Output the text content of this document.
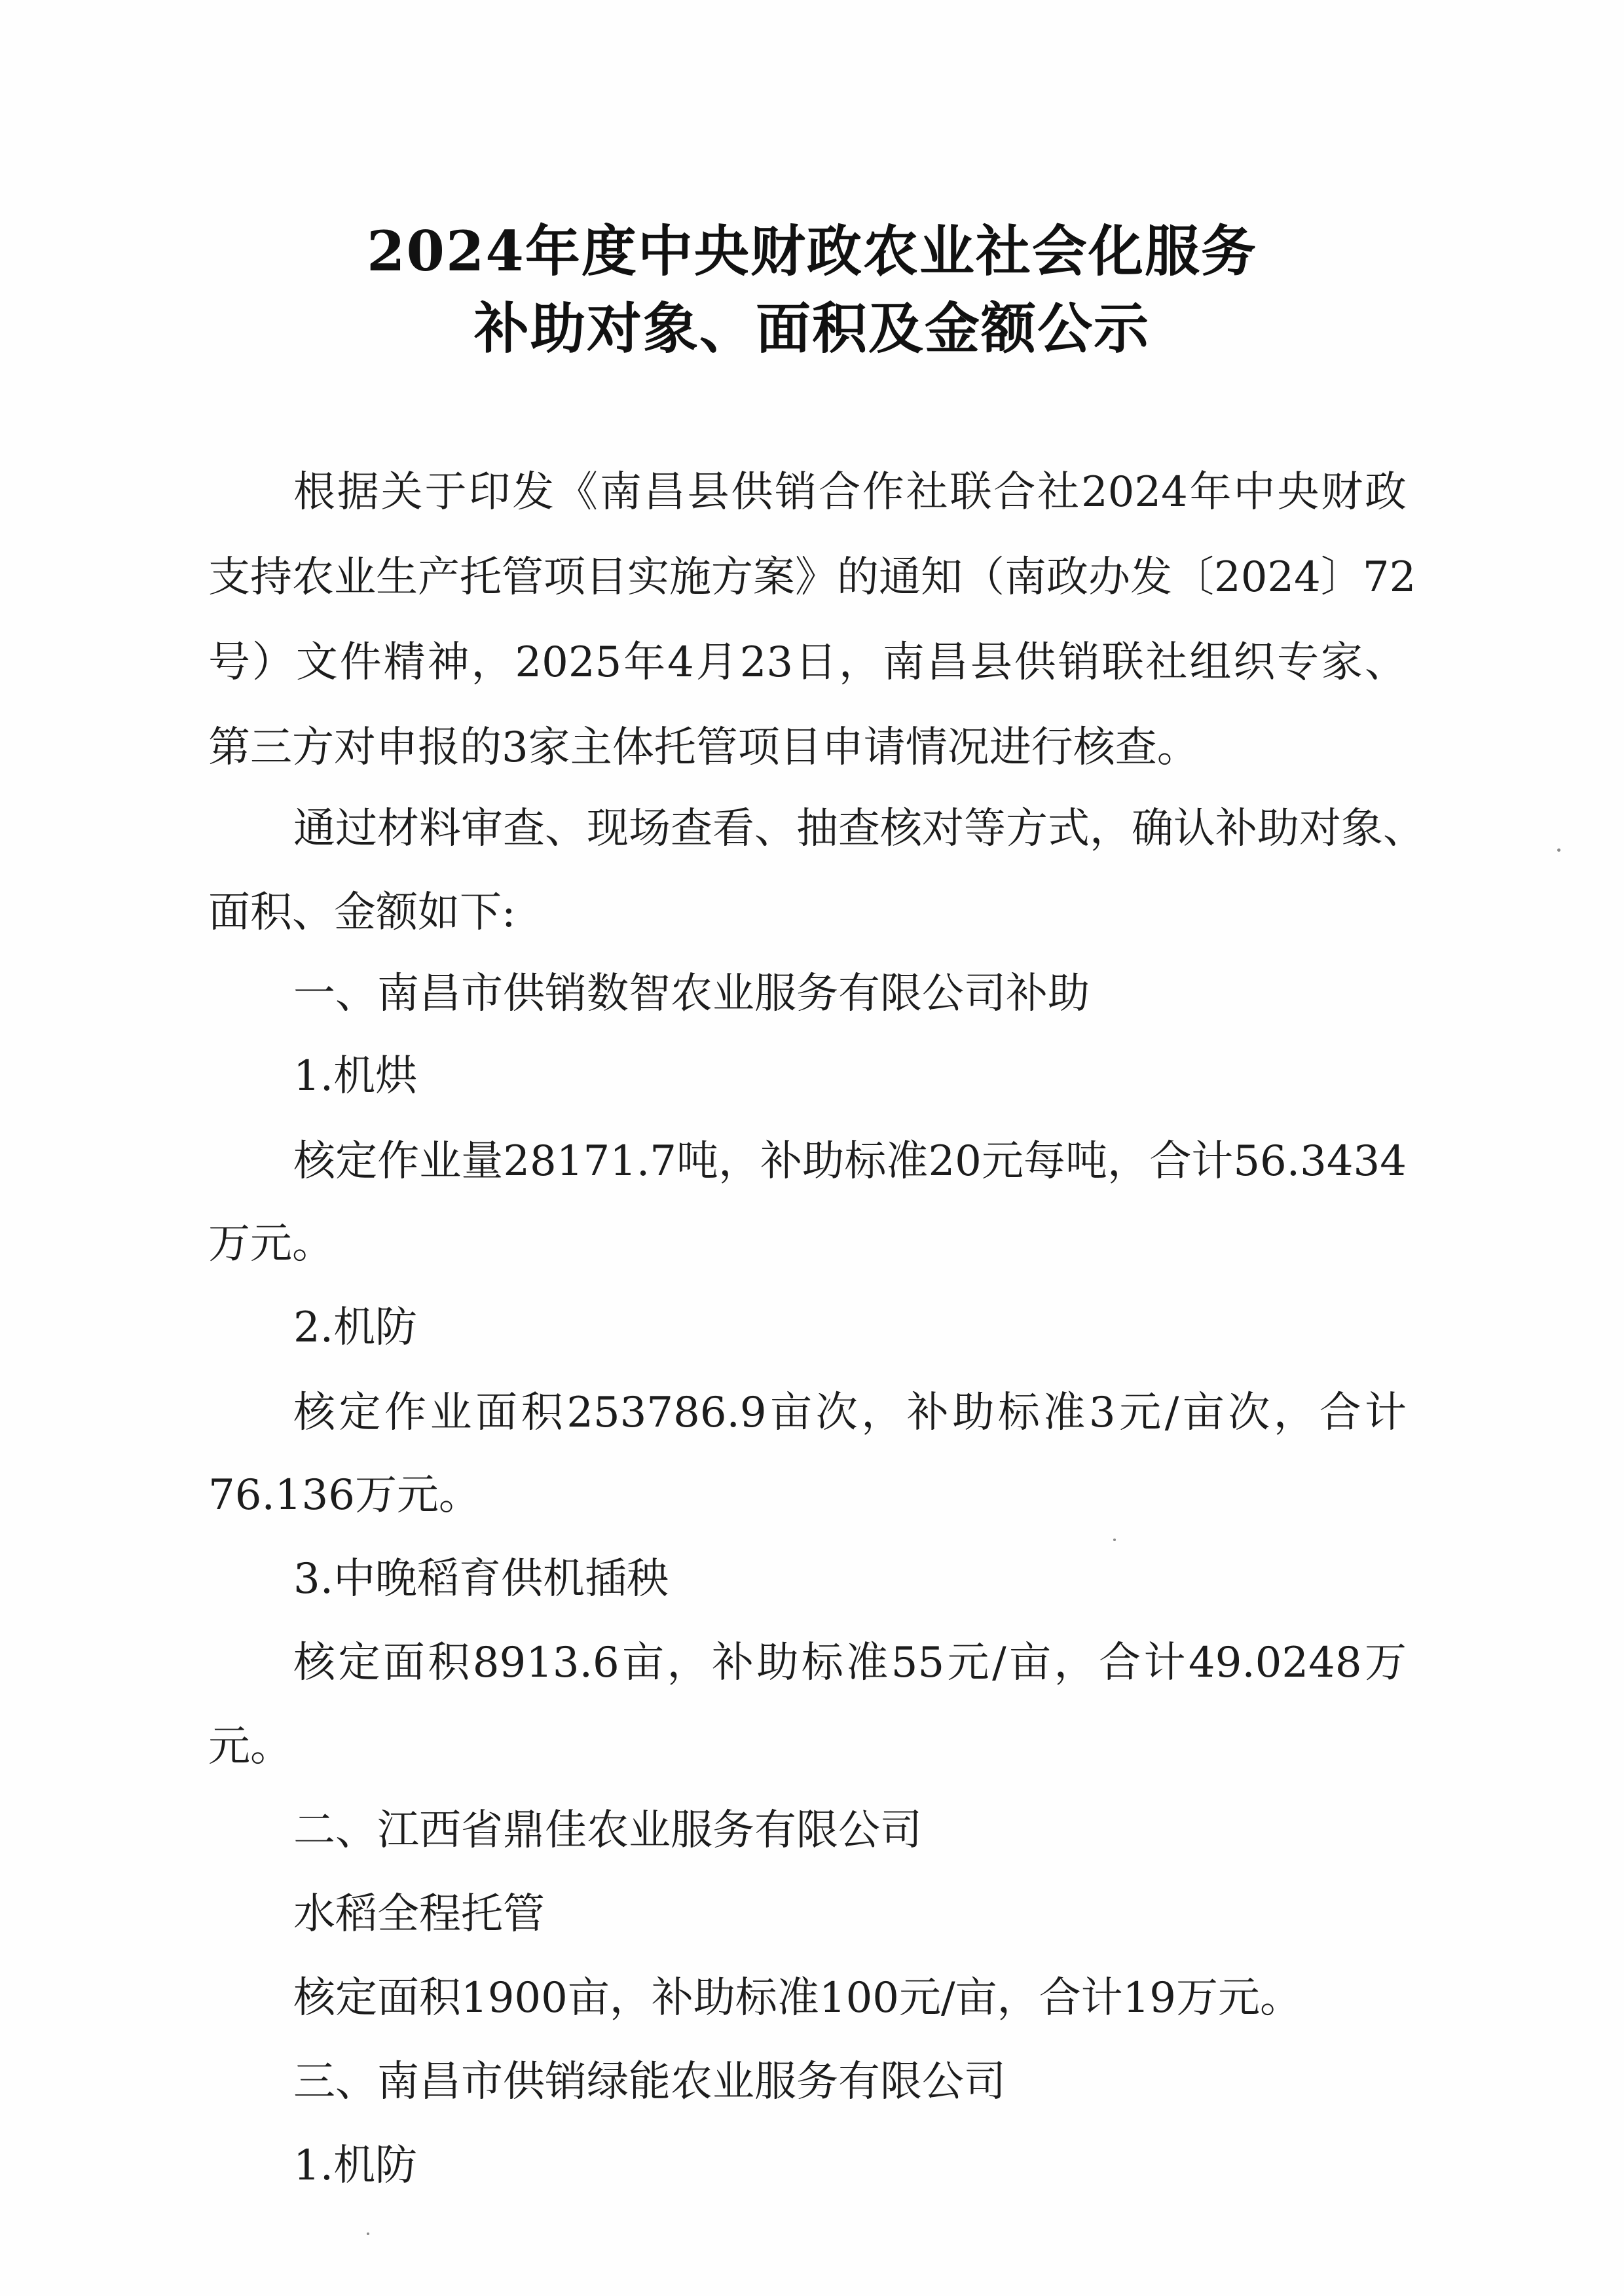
2024年度中央财政农业社会化服务
补助对象、面积及金额公示
根据关于印发《南昌县供销合作社联合社2024年中央财政
支持农业生产托管项目实施方案》的通知（南政办发〔2024〕72
号）文件精神，2025年4月23日，南昌县供销联社组织专家、
第三方对申报的3家主体托管项目申请情况进行核查。
通过材料审查、现场查看、抽查核对等方式，确认补助对象、
面积、金额如下:
一、南昌市供销数智农业服务有限公司补助
1.机烘
核定作业量28171.7吨，补助标准20元每吨，合计56.3434
万元。
2.机防
核定作业面积253786.9亩次，补助标准3元/亩次，合计
76.136万元。
3.中晚稻育供机插秧
核定面积8913.6亩，补助标准55元/亩，合计49.0248万
元。
二、江西省鼎佳农业服务有限公司
水稻全程托管
核定面积1900亩，补助标准100元/亩，合计19万元。
三、南昌市供销绿能农业服务有限公司
1.机防
